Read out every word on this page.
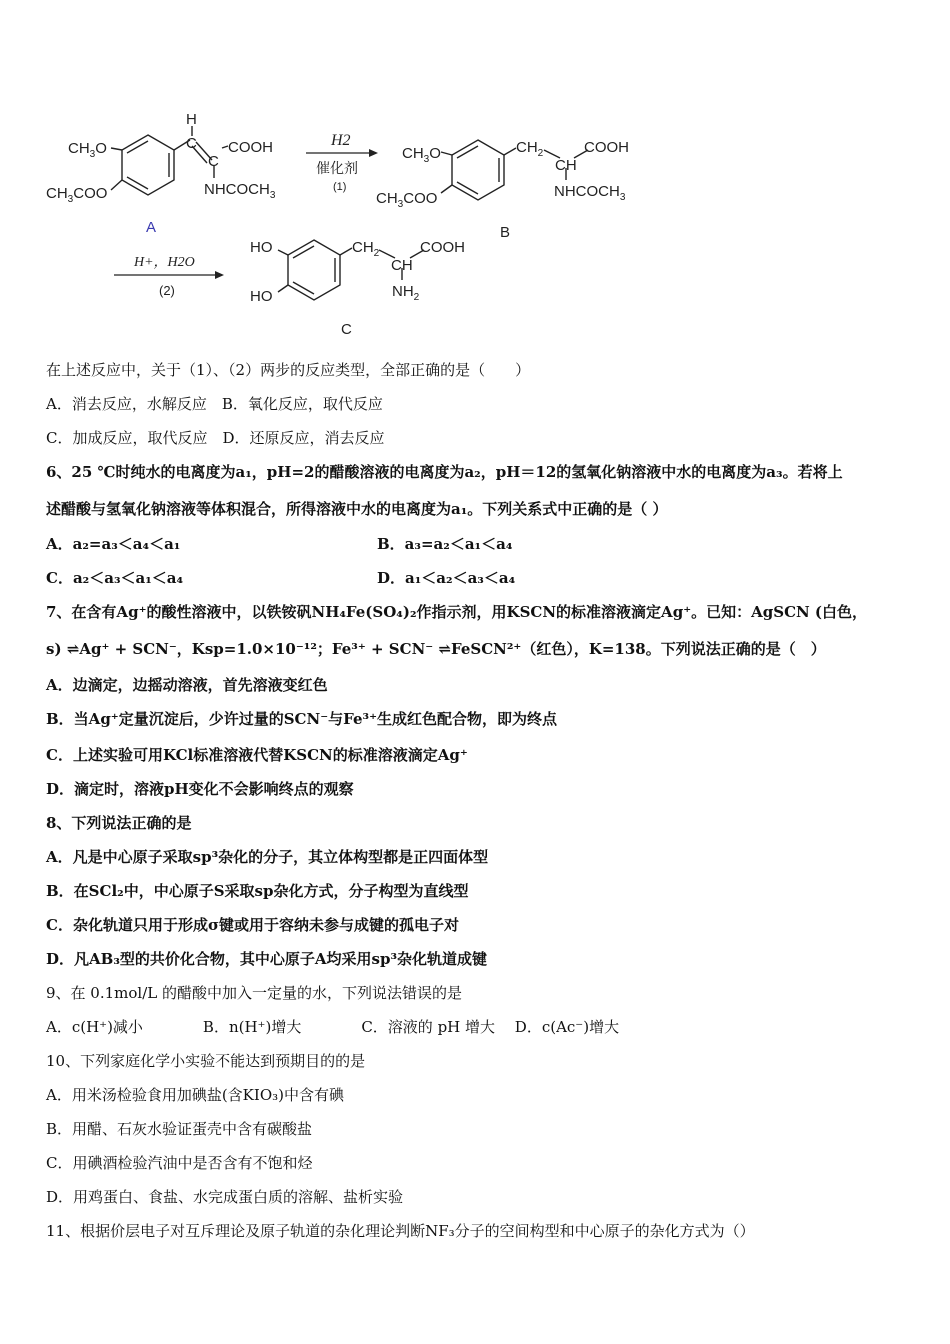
$CH_3O$
$CH_3COO$
H
C
C
COOH
$NHCOCH_3$
A
H2
催化剂
(1)
$CH_3O$
$CH_3COO$
$CH_2$
CH
COOH
$NHCOCH_3$
B
H+，H2O
(2)
HO
HO
$CH_2$
CH
COOH
$NH_2$
C
在上述反应中，关于（1）、（2）两步的反应类型，全部正确的是（　　）
A．消去反应，水解反应　B．氧化反应，取代反应
C．加成反应，取代反应　D．还原反应，消去反应
6、25 ℃时纯水的电离度为a₁，pH=2的醋酸溶液的电离度为a₂，pH＝12的氢氧化钠溶液中水的电离度为a₃。若将上
述醋酸与氢氧化钠溶液等体积混合，所得溶液中水的电离度为a₁。下列关系式中正确的是（ ）
A．a₂=a₃＜a₄＜a₁	B．a₃=a₂＜a₁＜a₄
C．a₂＜a₃＜a₁＜a₄	D．a₁＜a₂＜a₃＜a₄
7、在含有Ag⁺的酸性溶液中，以铁铵矾NH₄Fe(SO₄)₂作指示剂，用KSCN的标准溶液滴定Ag⁺。已知：AgSCN (白色，
s) ⇌Ag⁺ + SCN⁻，Ksp=1.0×10⁻¹²；Fe³⁺ + SCN⁻ ⇌FeSCN²⁺（红色），K=138。下列说法正确的是（　）
A．边滴定，边摇动溶液，首先溶液变红色
B．当Ag⁺定量沉淀后，少许过量的SCN⁻与Fe³⁺生成红色配合物，即为终点
C．上述实验可用KCl标准溶液代替KSCN的标准溶液滴定Ag⁺
D．滴定时，溶液pH变化不会影响终点的观察
8、下列说法正确的是
A．凡是中心原子采取sp³杂化的分子，其立体构型都是正四面体型
B．在SCl₂中，中心原子S采取sp杂化方式，分子构型为直线型
C．杂化轨道只用于形成σ键或用于容纳未参与成键的孤电子对
D．凡AB₃型的共价化合物，其中心原子A均采用sp³杂化轨道成键
9、在 0.1mol/L 的醋酸中加入一定量的水，下列说法错误的是
A．c(H⁺)减小　　　　B．n(H⁺)增大　　　　C．溶液的 pH 增大　 D．c(Ac⁻)增大
10、下列家庭化学小实验不能达到预期目的的是
A．用米汤检验食用加碘盐(含KIO₃)中含有碘
B．用醋、石灰水验证蛋壳中含有碳酸盐
C．用碘酒检验汽油中是否含有不饱和烃
D．用鸡蛋白、食盐、水完成蛋白质的溶解、盐析实验
11、根据价层电子对互斥理论及原子轨道的杂化理论判断NF₃分子的空间构型和中心原子的杂化方式为（）
